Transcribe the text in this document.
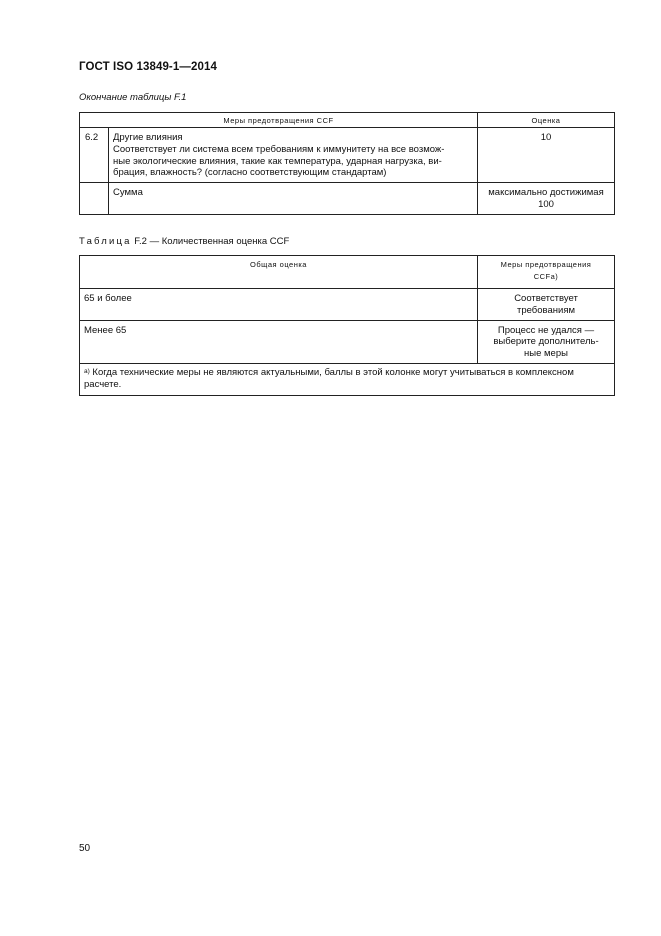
ГОСТ ISO 13849-1—2014
Окончание таблицы F.1
Меры предотвращения CCF		Оценка
6.2	Другие влияния
Соответствует ли система всем требованиям к иммунитету на все возмож-
ные экологические влияния, такие как температура, ударная нагрузка, ви-
брация, влажность? (согласно соответствующим стандартам)	10
	Сумма	максимально достижимая
100
Таблица F.2 — Количественная оценка CCF
Общая оценка	Меры предотвращения
CCFa)

65 и более	Соответствует
требованиям

Менее 65	Процесс не удался —
выберите дополнитель-
ные меры

$^{a)}$ Когда технические меры не являются актуальными, баллы в этой колонке могут учитываться в комплексном расчете.	
50
